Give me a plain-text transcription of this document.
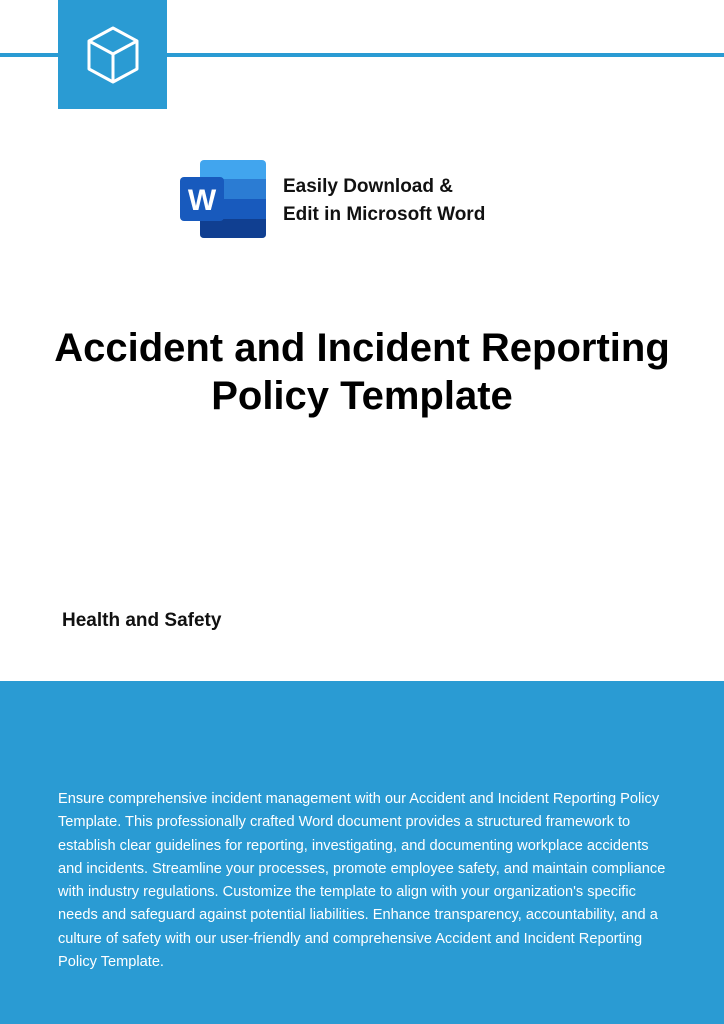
W	Easily Download &
Edit in Microsoft Word
Accident and Incident Reporting
Policy Template
Health and Safety

Ensure comprehensive incident management with our Accident and Incident Reporting Policy Template. This professionally crafted Word document provides a structured framework to establish clear guidelines for reporting, investigating, and documenting workplace accidents and incidents. Streamline your processes, promote employee safety, and maintain compliance with industry regulations. Customize the template to align with your organization's specific needs and safeguard against potential liabilities. Enhance transparency, accountability, and a culture of safety with our user-friendly and comprehensive Accident and Incident Reporting Policy Template.
